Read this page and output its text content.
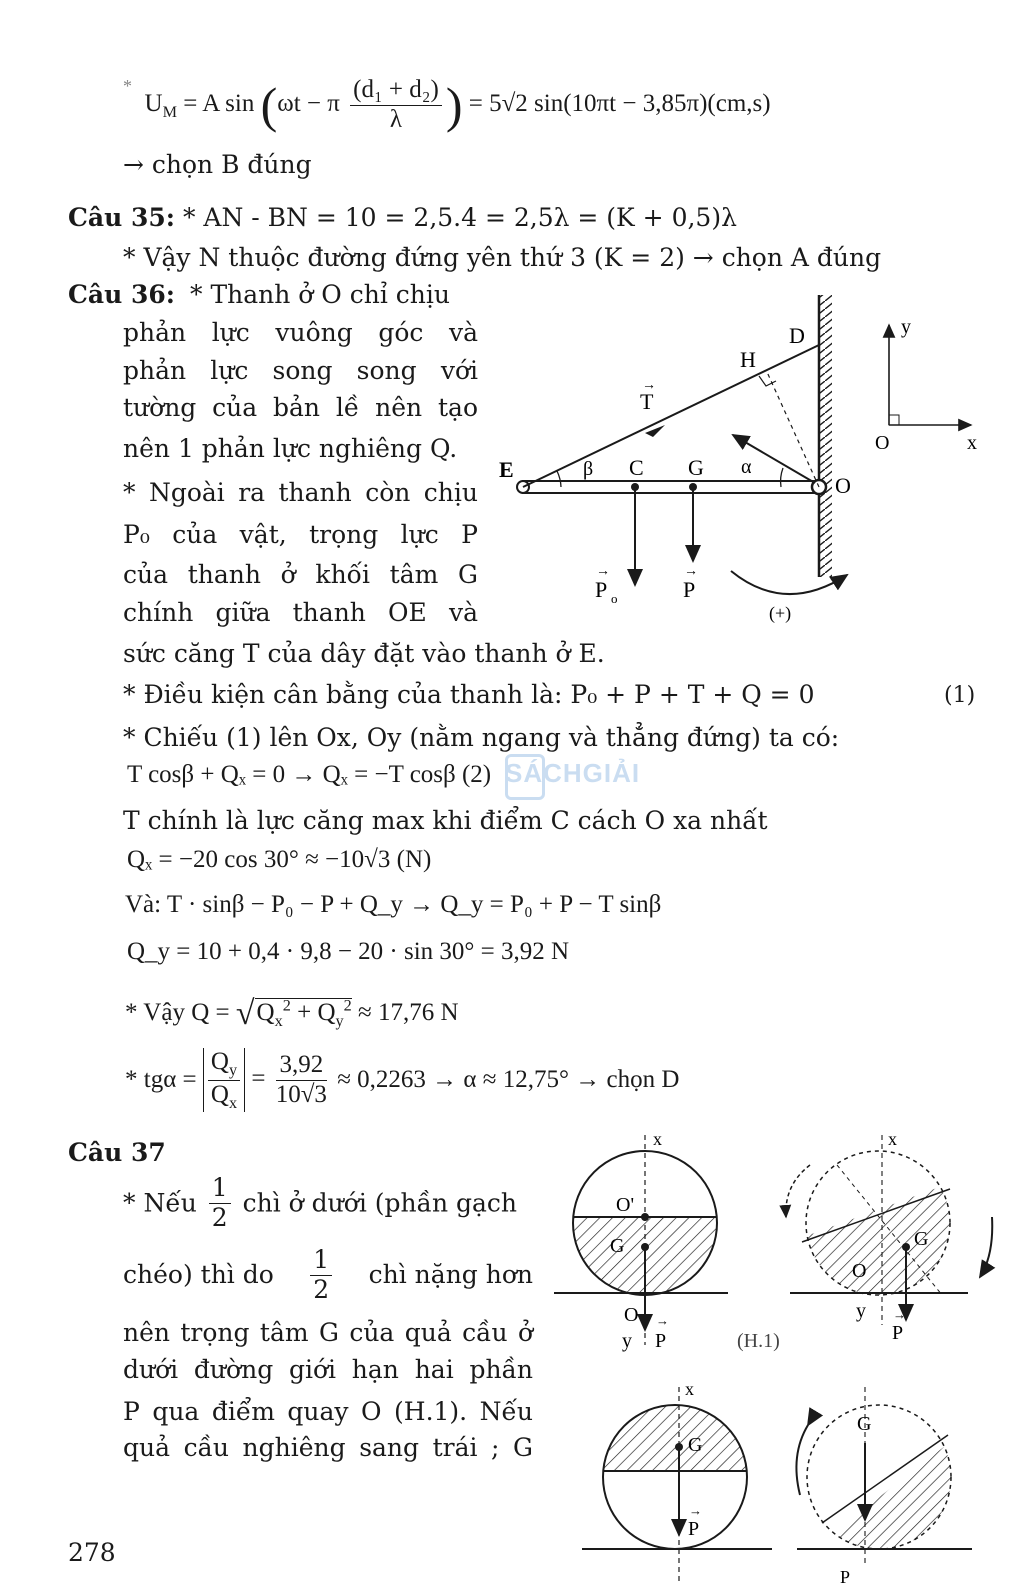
*  $U_M = A$ sin (ωt − π $\frac{\text{(d₁ + d₂)}}{\lambda}$ ) = 5√2 sin(10πt − 3,85π)(cm,s)
→ chọn B đúng
Câu 35: * AN - BN = 10 = 2,5.4 = 2,5λ = (K + 0,5)λ
* Vậy N thuộc đường đứng yên thứ 3 (K = 2) → chọn A đúng
Câu 36: * Thanh ở O chỉ chịu
phản lực vuông góc và
phản lực song song với
tường của bản lề nên tạo
nên 1 phản lực nghiêng Q.
* Ngoài ra thanh còn chịu
P₀ của vật, trọng lực P
của thanh ở khối tâm G
chính giữa thanh OE và
D
H
T
→
E	β C G α
O
P
→
o	P
→
(+)
y
O	x
sức căng T của dây đặt vào thanh ở E.
* Điều kiện cân bằng của thanh là: P₀ + P + T + Q = 0	(1)
* Chiếu (1) lên Ox, Oy (nằm ngang và thẳng đứng) ta có:
T cosβ + Qₓ = 0 → Qₓ = −T cosβ (2) SÁCHGIẢI
T chính là lực căng max khi điểm C cách O xa nhất
Qₓ = −20 cos 30° ≈ −10√3 (N)
Và: T · sinβ − P₀ − P + Q_y → Q_y = P₀ + P − T sinβ
Q_y = 10 + 0,4 · 9,8 − 20 · sin 30° = 3,92 N
* Vậy $Q = √Q_x^2 + Q_y^2 \approx 17,76$ N
* $tg\alpha = \frac{Q_y}{Q_x} = \frac{3,92}{10√3} \approx 0,2263 \to \alpha \approx 12,75^\circ$ → chọn D
Câu 37
* Nếu $\frac{1}{2}$ chì ở dưới (phần gạch
chéo) thì do $\frac{1}{2}$ chì nặng hơn
nên trọng tâm G của quả cầu ở
dưới đường giới hạn hai phần
P qua điểm quay O (H.1). Nếu
quả cầu nghiêng sang trái ; G
x
O'
G
O
y P
→
(H.1)
x
G
O
y
P
→
x
G
P
→
G
P
278
